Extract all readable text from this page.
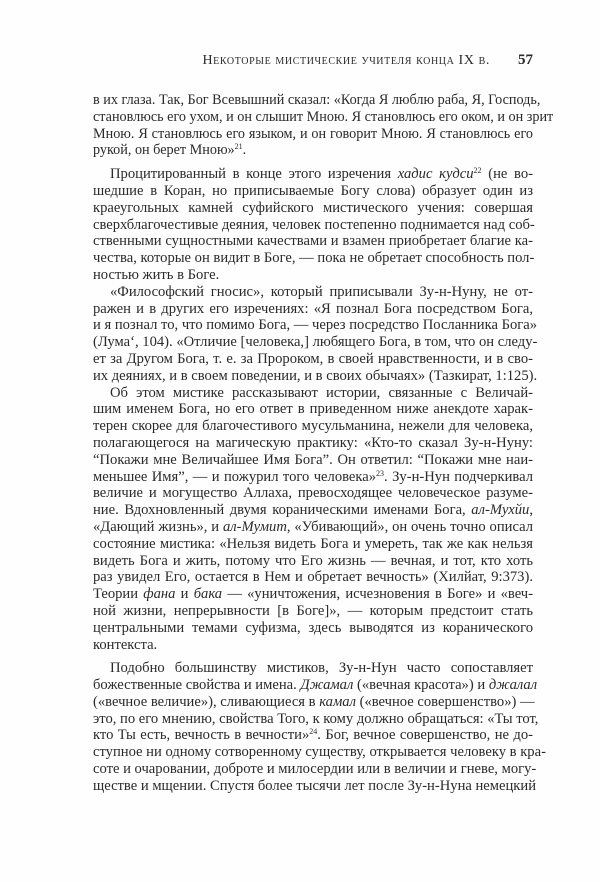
Некоторые мистические учителя конца IX в. 57
в их глаза. Так, Бог Всевышний сказал: «Когда Я люблю раба, Я, Господь,
становлюсь его ухом, и он слышит Мною. Я становлюсь его оком, и он зрит
Мною. Я становлюсь его языком, и он говорит Мною. Я становлюсь его
рукой, он берет Мною»$^{21}$.
Процитированный в конце этого изречения хадис кудси$^{22}$ (не во-
шедшие в Коран, но приписываемые Богу слова) образует один из
краеугольных камней суфийского мистического учения: совершая
сверхблагочестивые деяния, человек постепенно поднимается над соб-
ственными сущностными качествами и взамен приобретает благие ка-
чества, которые он видит в Боге, — пока не обретает способность пол-
ностью жить в Боге.
«Философский гносис», который приписывали Зу-н-Нуну, не от-
ражен и в других его изречениях: «Я познал Бога посредством Бога,
и я познал то, что помимо Бога, — через посредство Посланника Бога»
(Лума‘, 104). «Отличие [человека,] любящего Бога, в том, что он следу-
ет за Другом Бога, т. е. за Пророком, в своей нравственности, и в сво-
их деяниях, и в своем поведении, и в своих обычаях» (Тазкират, 1:125).
Об этом мистике рассказывают истории, связанные с Величай-
шим именем Бога, но его ответ в приведенном ниже анекдоте харак-
терен скорее для благочестивого мусульманина, нежели для человека,
полагающегося на магическую практику: «Кто-то сказал Зу-н-Нуну:
“Покажи мне Величайшее Имя Бога”. Он ответил: “Покажи мне наи-
меньшее Имя”, — и пожурил того человека»$^{23}$. Зу-н-Нун подчеркивал
величие и могущество Аллаха, превосходящее человеческое разуме-
ние. Вдохновленный двумя кораническими именами Бога, ал-Мухйи,
«Дающий жизнь», и ал-Мумит, «Убивающий», он очень точно описал
состояние мистика: «Нельзя видеть Бога и умереть, так же как нельзя
видеть Бога и жить, потому что Его жизнь — вечная, и тот, кто хоть
раз увидел Его, остается в Нем и обретает вечность» (Хилйат, 9:373).
Теории фана и бака — «уничтожения, исчезновения в Боге» и «веч-
ной жизни, непрерывности [в Боге]», — которым предстоит стать
центральными темами суфизма, здесь выводятся из коранического
контекста.
Подобно большинству мистиков, Зу-н-Нун часто сопоставляет
божественные свойства и имена. Джамал («вечная красота») и джалал
(«вечное величие»), сливающиеся в камал («вечное совершенство») —
это, по его мнению, свойства Того, к кому должно обращаться: «Ты тот,
кто Ты есть, вечность в вечности»$^{24}$. Бог, вечное совершенство, не до-
ступное ни одному сотворенному существу, открывается человеку в кра-
соте и очаровании, доброте и милосердии или в величии и гневе, могу-
ществе и мщении. Спустя более тысячи лет после Зу-н-Нуна немецкий
